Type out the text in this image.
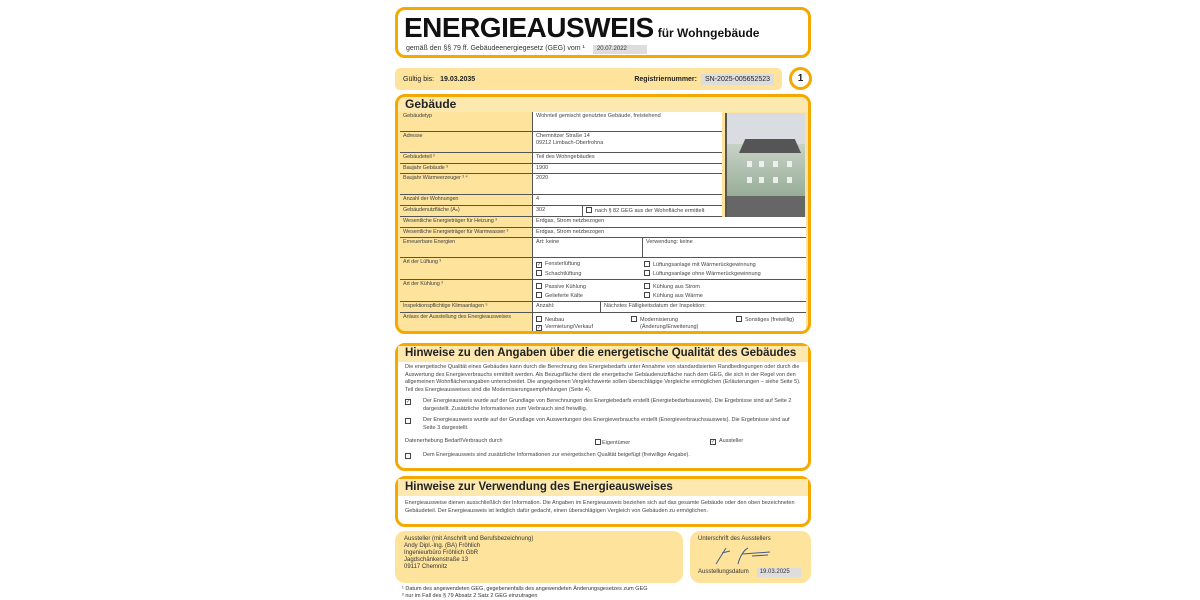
ENERGIEAUSWEIS für Wohngebäude
gemäß den §§ 79 ff. Gebäudeenergiegesetz (GEG) vom ¹ 20.07.2022
Gültig bis: 19.03.2035	Registriernummer: SN-2025-005652523	1
Gebäude
Gebäudetyp	Wohnteil gemischt genutztes Gebäude, freistehend
Adresse	Chemnitzer Straße 14
09212 Limbach-Oberfrohna
Gebäudeteil ²	Teil des Wohngebäudes
Baujahr Gebäude ³	1900
Baujahr Wärmeerzeuger ³ ⁴	2020
Anzahl der Wohnungen	4
Gebäudenutzfläche (Aₙ)	302	nach § 82 GEG aus der Wohnfläche ermittelt
Wesentliche Energieträger für Heizung ³	Erdgas, Strom netzbezogen
Wesentliche Energieträger für Warmwasser ³	Erdgas, Strom netzbezogen
Erneuerbare Energien	Art: keine	Verwendung: keine
Art der Lüftung ³	✓ Fensterlüftung	Lüftungsanlage mit Wärmerückgewinnung
Schachtlüftung	Lüftungsanlage ohne Wärmerückgewinnung
Art der Kühlung ³	Passive Kühlung	Kühlung aus Strom
Gelieferte Kälte	Kühlung aus Wärme
Inspektionspflichtige Klimaanlagen ⁵	Anzahl:	Nächstes Fälligkeitsdatum der Inspektion:
Anlass der Ausstellung des Energieausweises	Neubau	Modernisierung	Sonstiges (freiwillig)
✓ Vermietung/Verkauf	(Änderung/Erweiterung)
Hinweise zu den Angaben über die energetische Qualität des Gebäudes
Die energetische Qualität eines Gebäudes kann durch die Berechnung des Energiebedarfs unter Annahme von standardisierten Randbedingungen oder durch die Auswertung des Energieverbrauchs ermittelt werden. Als Bezugsfläche dient die energetische Gebäudenutzfläche nach dem GEG, die sich in der Regel von den allgemeinen Wohnflächenangaben unterscheidet. Die angegebenen Vergleichswerte sollen überschlägige Vergleiche ermöglichen (Erläuterungen – siehe Seite 5). Teil des Energieausweises sind die Modernisierungsempfehlungen (Seite 4).
✓ Der Energieausweis wurde auf der Grundlage von Berechnungen des Energiebedarfs erstellt (Energiebedarfsausweis). Die Ergebnisse sind auf Seite 2 dargestellt. Zusätzliche Informationen zum Verbrauch sind freiwillig.
Der Energieausweis wurde auf der Grundlage von Auswertungen des Energieverbrauchs erstellt (Energieverbrauchsausweis). Die Ergebnisse sind auf Seite 3 dargestellt.
Datenerhebung Bedarf/Verbrauch durch	Eigentümer	✓ Aussteller
Dem Energieausweis sind zusätzliche Informationen zur energetischen Qualität beigefügt (freiwillige Angabe).
Hinweise zur Verwendung des Energieausweises
Energieausweise dienen ausschließlich der Information. Die Angaben im Energieausweis beziehen sich auf das gesamte Gebäude oder den oben bezeichneten Gebäudeteil. Der Energieausweis ist lediglich dafür gedacht, einen überschlägigen Vergleich von Gebäuden zu ermöglichen.
Aussteller (mit Anschrift und Berufsbezeichnung)
Andy Dipl.-Ing. (BA) Fröhlich
Ingenieurbüro Fröhlich GbR
Jagdschänkenstraße 13
09117 Chemnitz
Unterschrift des Ausstellers
Ausstellungsdatum	19.03.2025
¹ Datum des angewendeten GEG, gegebenenfalls des angewendeten Änderungsgesetzes zum GEG
² nur im Fall des § 79 Absatz 2 Satz 2 GEG einzutragen
